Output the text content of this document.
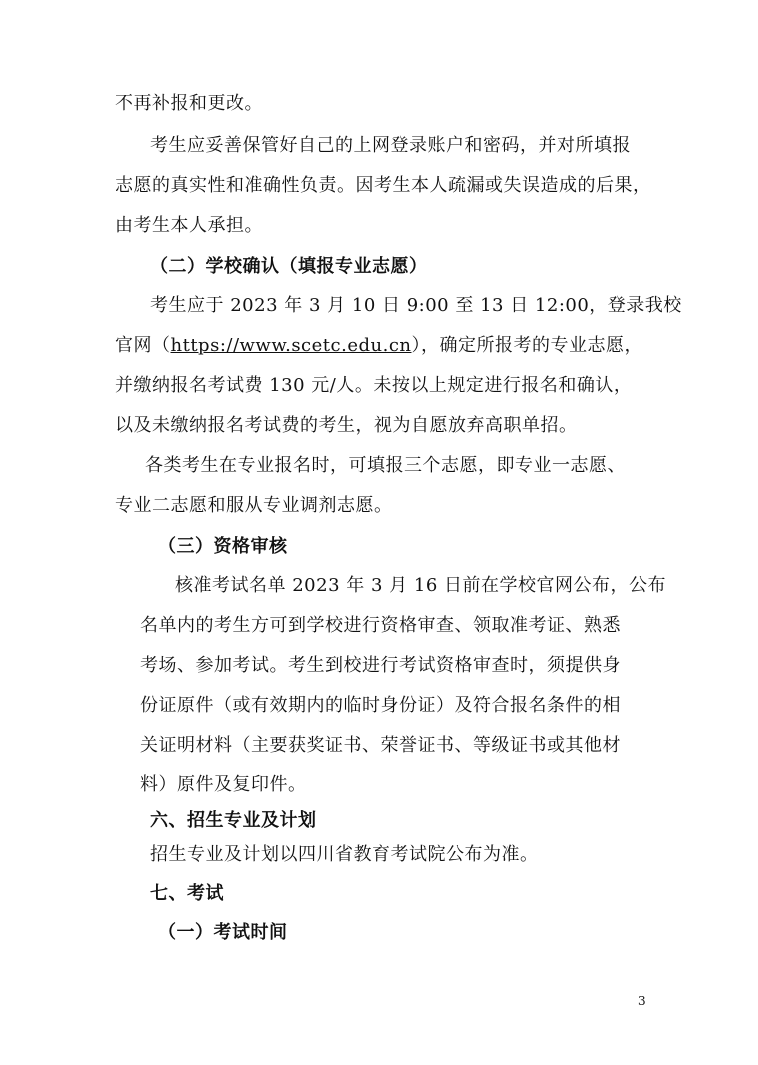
不再补报和更改。
考生应妥善保管好自己的上网登录账户和密码，并对所填报
志愿的真实性和准确性负责。因考生本人疏漏或失误造成的后果，
由考生本人承担。
（二）学校确认（填报专业志愿）
考生应于 2023 年 3 月 10 日 9:00 至 13 日 12:00，登录我校
官网（https://www.scetc.edu.cn），确定所报考的专业志愿，
并缴纳报名考试费 130 元/人。未按以上规定进行报名和确认，
以及未缴纳报名考试费的考生，视为自愿放弃高职单招。
各类考生在专业报名时，可填报三个志愿，即专业一志愿、
专业二志愿和服从专业调剂志愿。
（三）资格审核
核准考试名单 2023 年 3 月 16 日前在学校官网公布，公布
名单内的考生方可到学校进行资格审查、领取准考证、熟悉
考场、参加考试。考生到校进行考试资格审查时，须提供身
份证原件（或有效期内的临时身份证）及符合报名条件的相
关证明材料（主要获奖证书、荣誉证书、等级证书或其他材
料）原件及复印件。
六、招生专业及计划
招生专业及计划以四川省教育考试院公布为准。
七、考试
（一）考试时间
3
